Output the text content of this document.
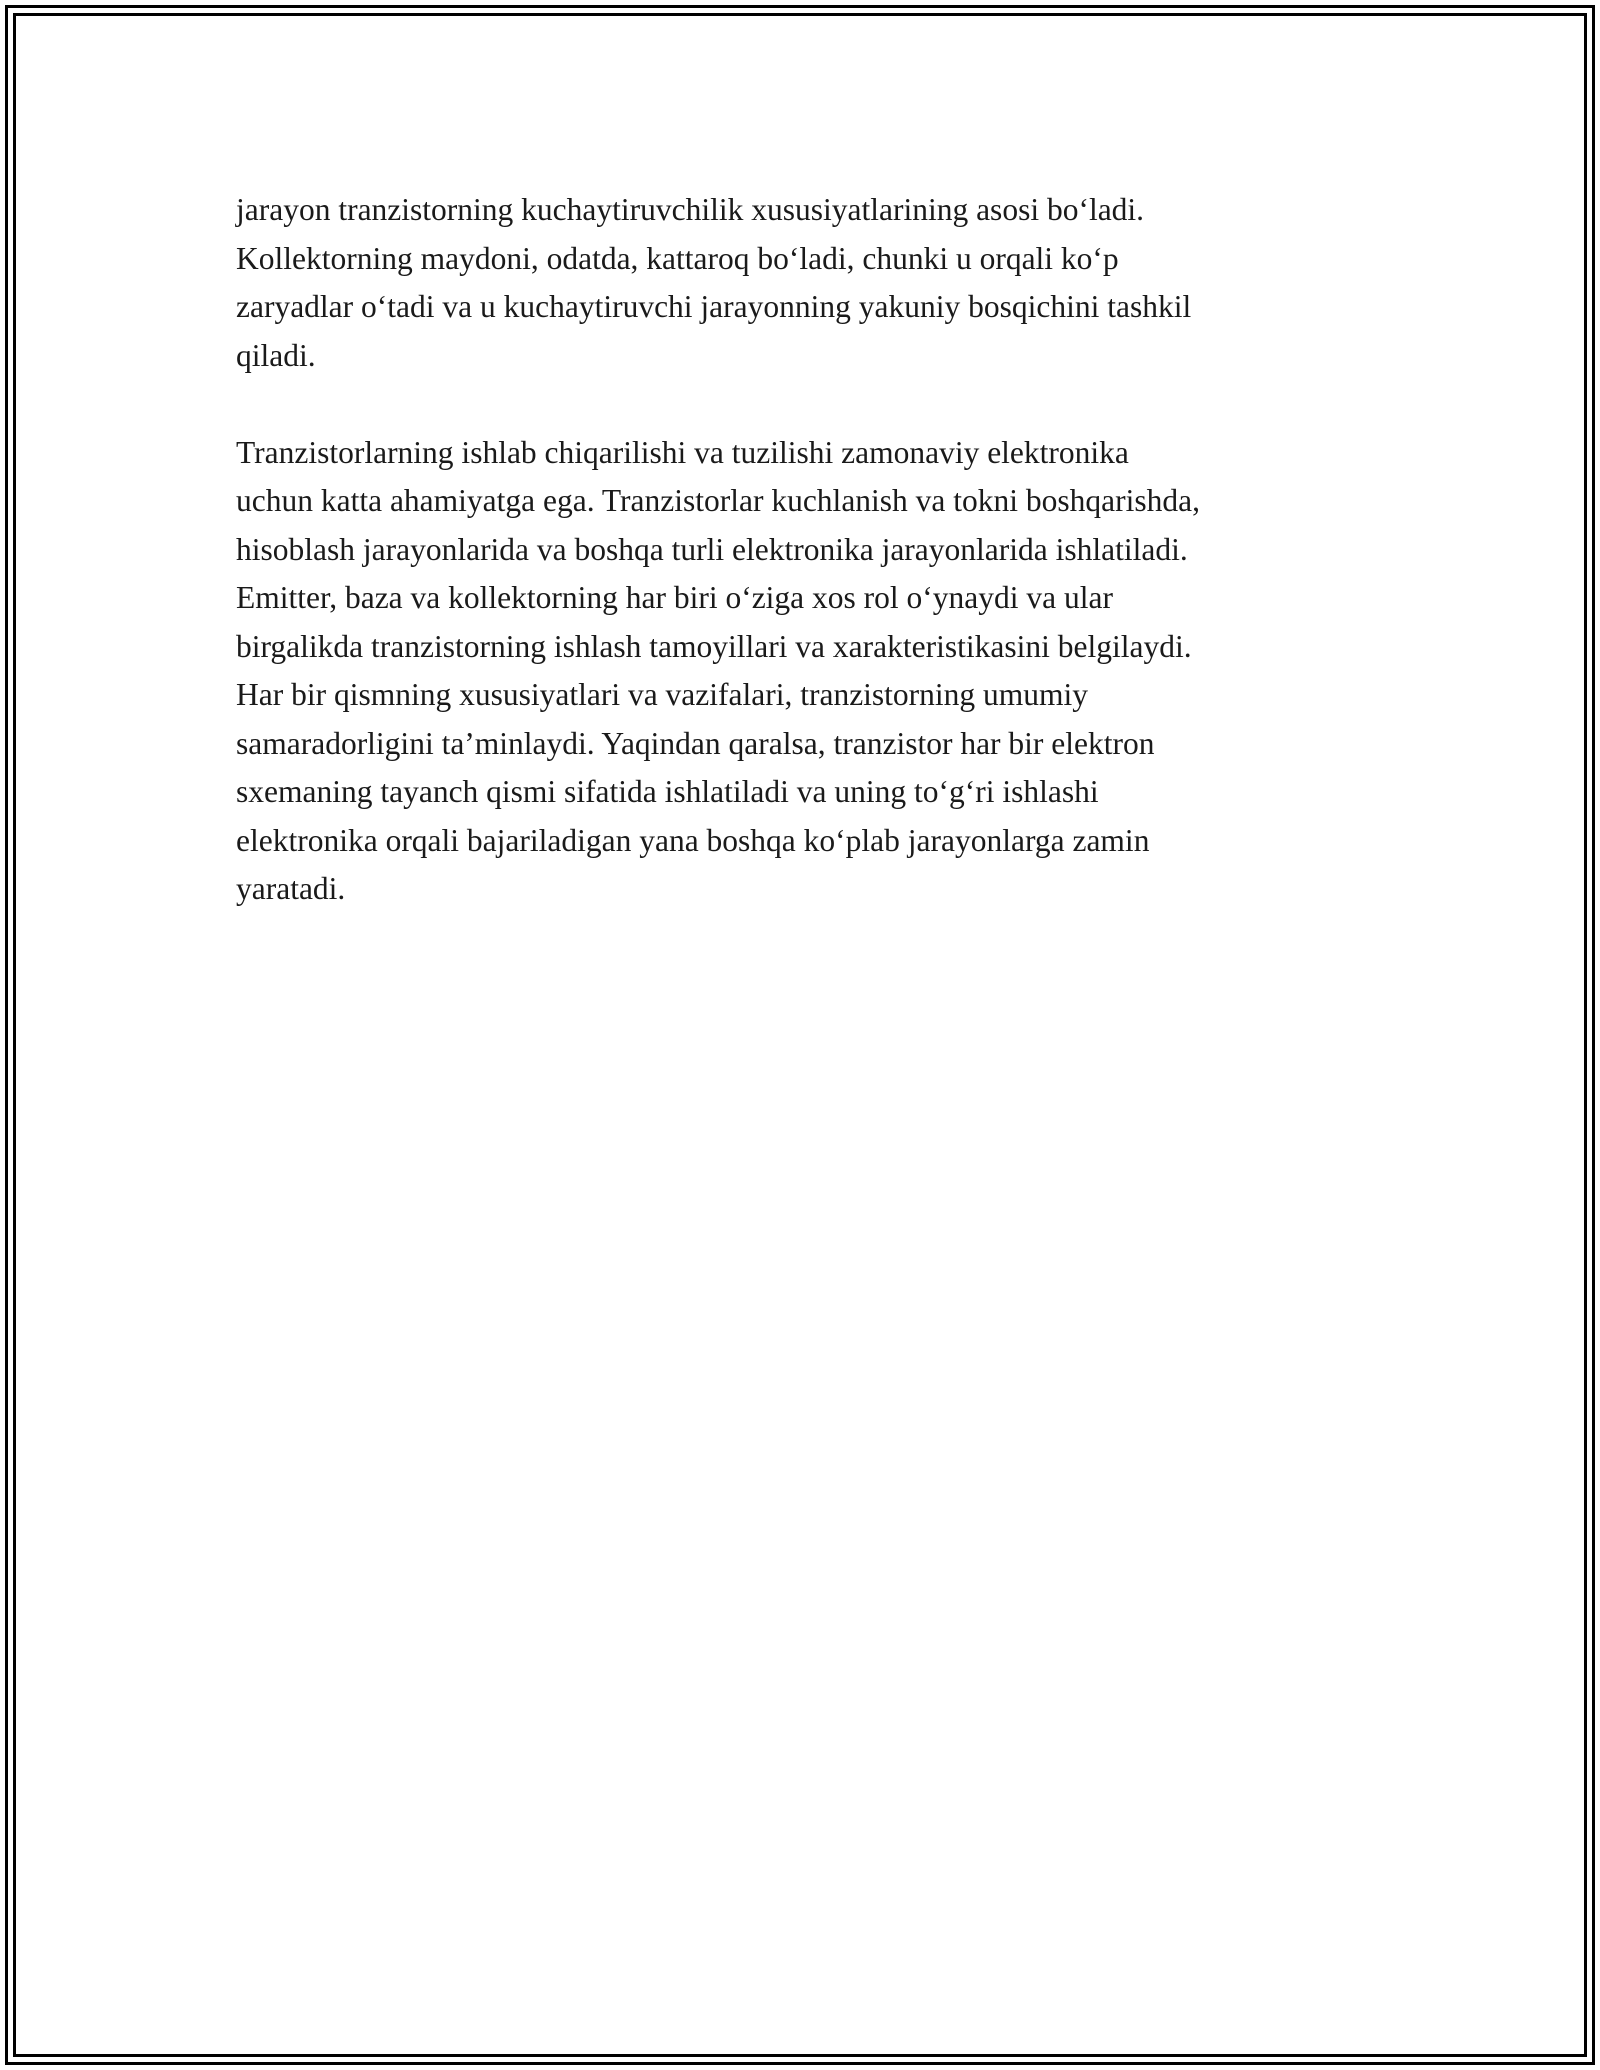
jarayon tranzistorning kuchaytiruvchilik xususiyatlarining asosi bo‘ladi.
Kollektorning maydoni, odatda, kattaroq bo‘ladi, chunki u orqali ko‘p
zaryadlar o‘tadi va u kuchaytiruvchi jarayonning yakuniy bosqichini tashkil
qiladi.

Tranzistorlarning ishlab chiqarilishi va tuzilishi zamonaviy elektronika
uchun katta ahamiyatga ega. Tranzistorlar kuchlanish va tokni boshqarishda,
hisoblash jarayonlarida va boshqa turli elektronika jarayonlarida ishlatiladi.
Emitter, baza va kollektorning har biri o‘ziga xos rol o‘ynaydi va ular
birgalikda tranzistorning ishlash tamoyillari va xarakteristikasini belgilaydi.
Har bir qismning xususiyatlari va vazifalari, tranzistorning umumiy
samaradorligini ta’minlaydi. Yaqindan qaralsa, tranzistor har bir elektron
sxemaning tayanch qismi sifatida ishlatiladi va uning to‘g‘ri ishlashi
elektronika orqali bajariladigan yana boshqa ko‘plab jarayonlarga zamin
yaratadi.
